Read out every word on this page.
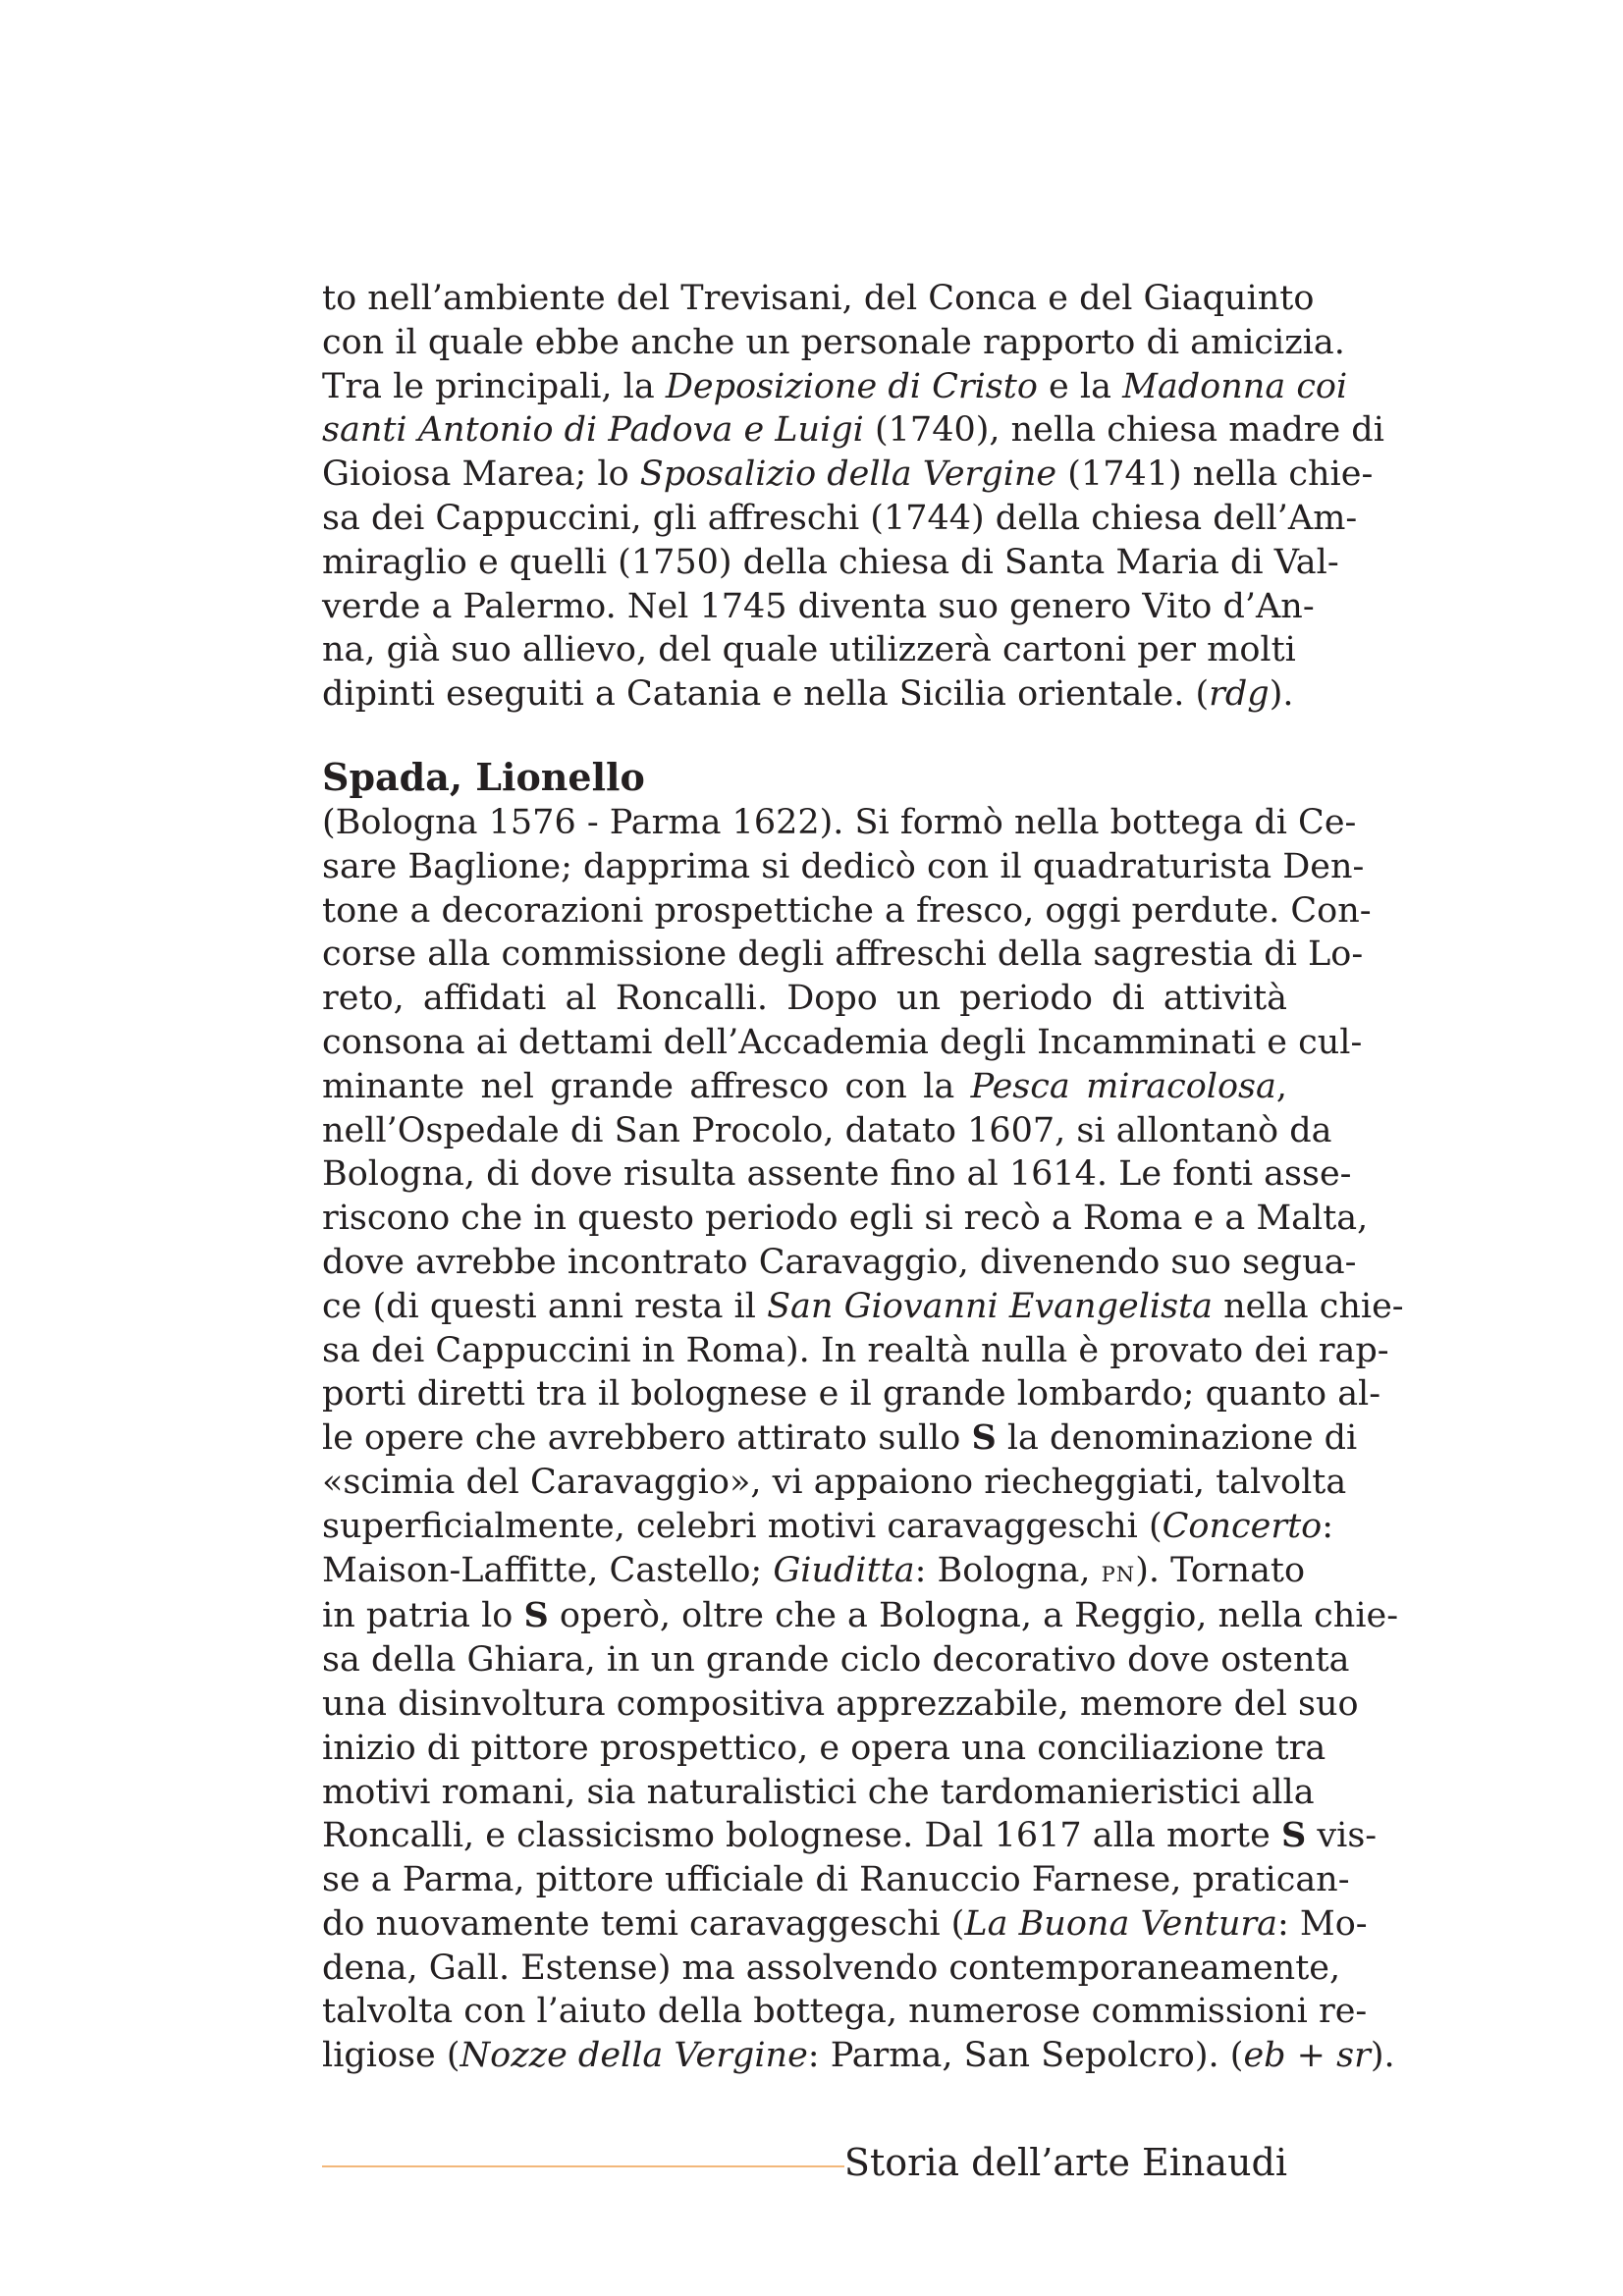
to nell’ambiente del Trevisani, del Conca e del Giaquinto
con il quale ebbe anche un personale rapporto di amicizia.
Tra le principali, la Deposizione di Cristo e la Madonna coi
santi Antonio di Padova e Luigi (1740), nella chiesa madre di
Gioiosa Marea; lo Sposalizio della Vergine (1741) nella chie-
sa dei Cappuccini, gli affreschi (1744) della chiesa dell’Am-
miraglio e quelli (1750) della chiesa di Santa Maria di Val-
verde a Palermo. Nel 1745 diventa suo genero Vito d’An-
na, già suo allievo, del quale utilizzerà cartoni per molti
dipinti eseguiti a Catania e nella Sicilia orientale. (rdg).

Spada, Lionello

(Bologna 1576 - Parma 1622). Si formò nella bottega di Ce-
sare Baglione; dapprima si dedicò con il quadraturista Den-
tone a decorazioni prospettiche a fresco, oggi perdute. Con-
corse alla commissione degli affreschi della sagrestia di Lo-
reto, affidati al Roncalli. Dopo un periodo di attività
consona ai dettami dell’Accademia degli Incamminati e cul-
minante nel grande affresco con la Pesca miracolosa,
nell’Ospedale di San Procolo, datato 1607, si allontanò da
Bologna, di dove risulta assente fino al 1614. Le fonti asse-
riscono che in questo periodo egli si recò a Roma e a Malta,
dove avrebbe incontrato Caravaggio, divenendo suo segua-
ce (di questi anni resta il San Giovanni Evangelista nella chie-
sa dei Cappuccini in Roma). In realtà nulla è provato dei rap-
porti diretti tra il bolognese e il grande lombardo; quanto al-
le opere che avrebbero attirato sullo S la denominazione di
«scimia del Caravaggio», vi appaiono riecheggiati, talvolta
superficialmente, celebri motivi caravaggeschi (Concerto:
Maison-Laffitte, Castello; Giuditta: Bologna, pn). Tornato
in patria lo S operò, oltre che a Bologna, a Reggio, nella chie-
sa della Ghiara, in un grande ciclo decorativo dove ostenta
una disinvoltura compositiva apprezzabile, memore del suo
inizio di pittore prospettico, e opera una conciliazione tra
motivi romani, sia naturalistici che tardomanieristici alla
Roncalli, e classicismo bolognese. Dal 1617 alla morte S vis-
se a Parma, pittore ufficiale di Ranuccio Farnese, pratican-
do nuovamente temi caravaggeschi (La Buona Ventura: Mo-
dena, Gall. Estense) ma assolvendo contemporaneamente,
talvolta con l’aiuto della bottega, numerose commissioni re-
ligiose (Nozze della Vergine: Parma, San Sepolcro). (eb + sr).

Storia dell’arte Einaudi
